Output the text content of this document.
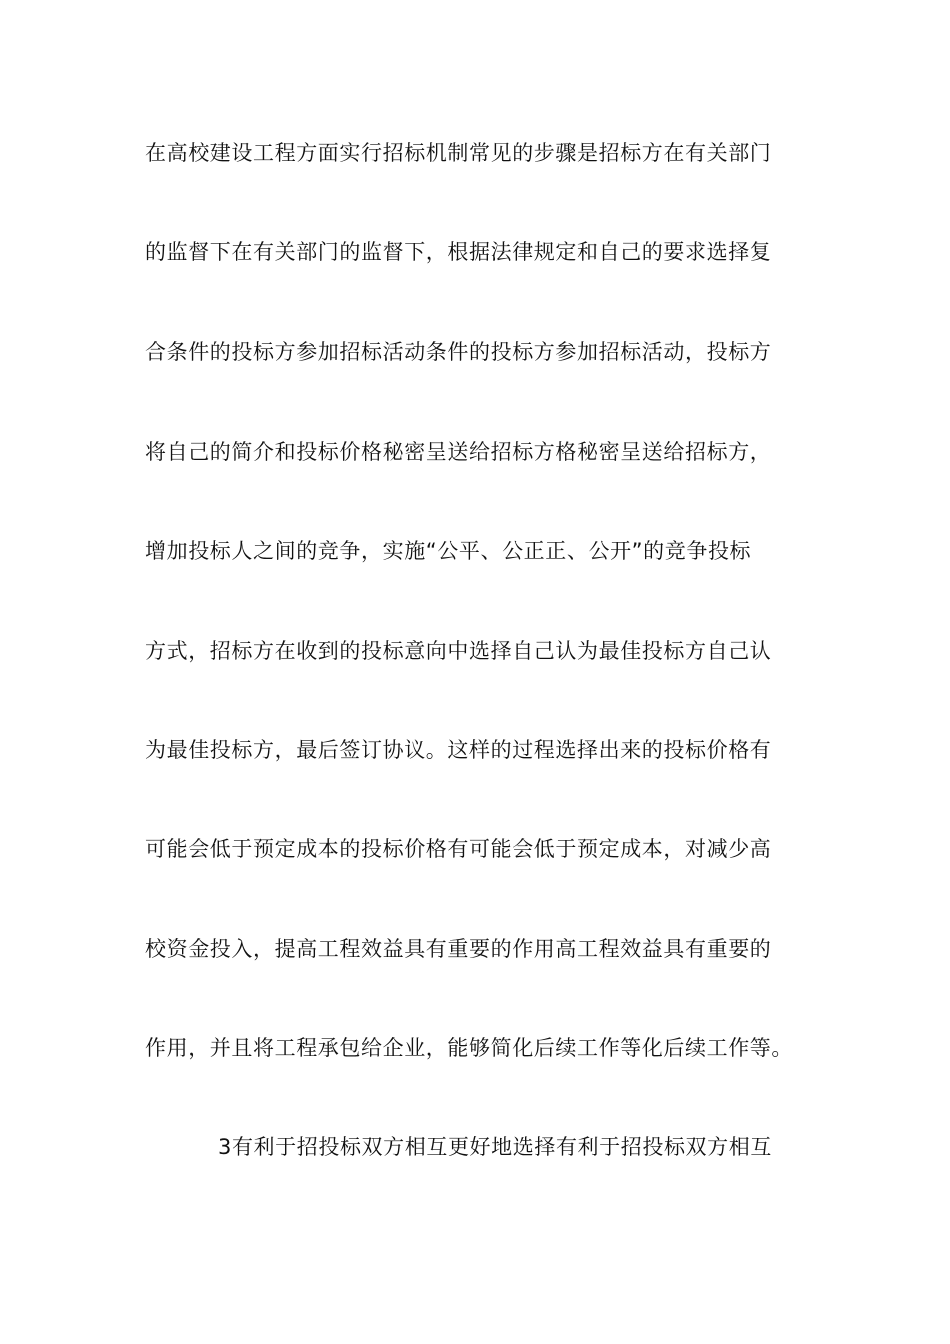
在高校建设工程方面实行招标机制常见的步骤是招标方在有关部门
的监督下在有关部门的监督下，根据法律规定和自己的要求选择复
合条件的投标方参加招标活动条件的投标方参加招标活动，投标方
将自己的简介和投标价格秘密呈送给招标方格秘密呈送给招标方，
增加投标人之间的竞争，实施“公平、公正正、公开”的竞争投标
方式，招标方在收到的投标意向中选择自己认为最佳投标方自己认
为最佳投标方，最后签订协议。这样的过程选择出来的投标价格有
可能会低于预定成本的投标价格有可能会低于预定成本，对减少高
校资金投入，提高工程效益具有重要的作用高工程效益具有重要的
作用，并且将工程承包给企业，能够简化后续工作等化后续工作等。
3有利于招投标双方相互更好地选择有利于招投标双方相互
